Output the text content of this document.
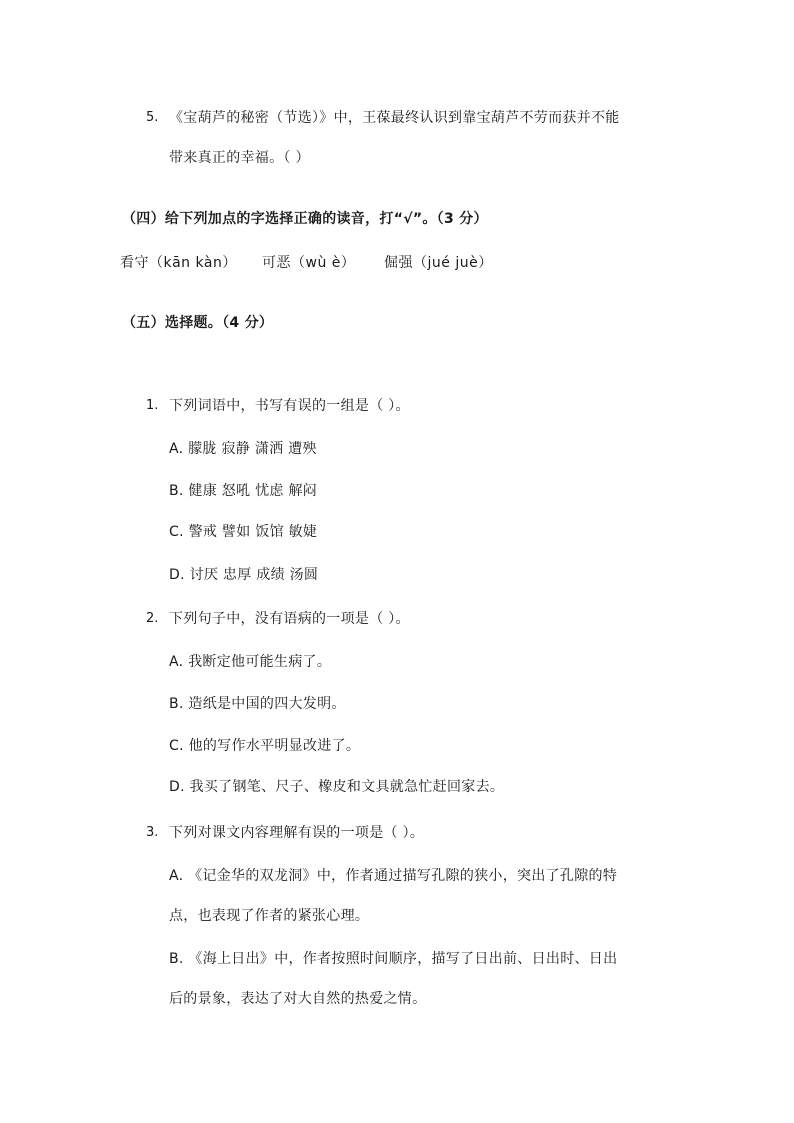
5. 《宝葫芦的秘密（节选）》中，王葆最终认识到靠宝葫芦不劳而获并不能
带来真正的幸福。（ ）
（四）给下列加点的字选择正确的读音，打“√”。（3 分）
看守（kān kàn） 可恶（wù è） 倔强（jué juè）
（五）选择题。（4 分）
1. 下列词语中，书写有误的一组是（ ）。
A. 朦胧 寂静 潇洒 遭殃
B. 健康 怒吼 忧虑 解闷
C. 警戒 譬如 饭馆 敏婕
D. 讨厌 忠厚 成绩 汤圆
2. 下列句子中，没有语病的一项是（ ）。
A. 我断定他可能生病了。
B. 造纸是中国的四大发明。
C. 他的写作水平明显改进了。
D. 我买了钢笔、尺子、橡皮和文具就急忙赶回家去。
3. 下列对课文内容理解有误的一项是（ ）。
A. 《记金华的双龙洞》中，作者通过描写孔隙的狭小，突出了孔隙的特
点，也表现了作者的紧张心理。
B. 《海上日出》中，作者按照时间顺序，描写了日出前、日出时、日出
后的景象，表达了对大自然的热爱之情。
